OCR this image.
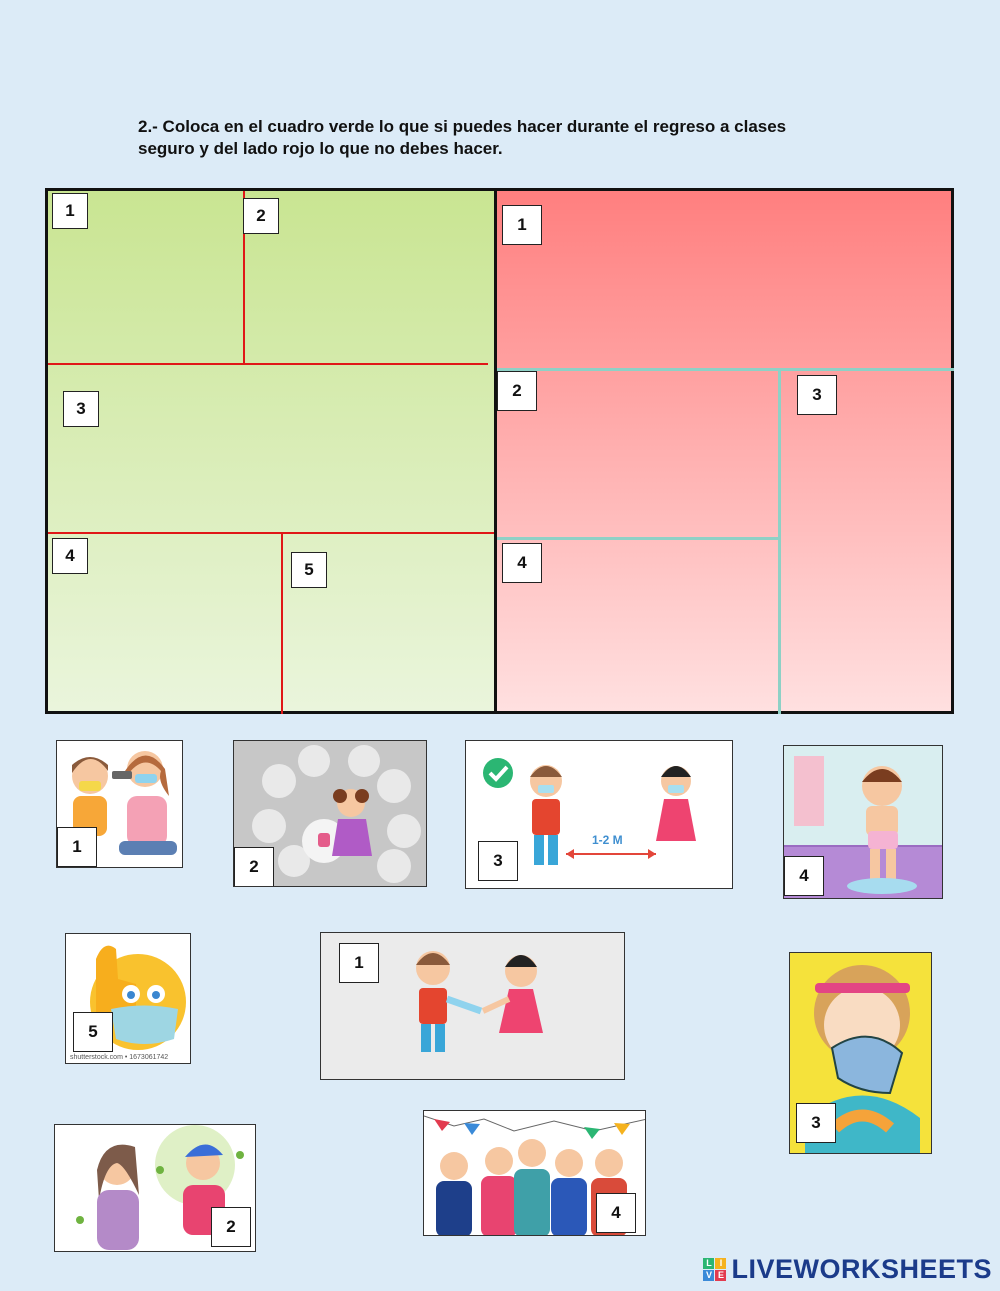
2.- Coloca en el cuadro verde lo que si puedes hacer durante el regreso a clases
seguro y del lado rojo lo que no debes hacer.
1	2
3
4
5
1
2	3
4
1
2
1-2 M
3
4
shutterstock.com • 1673061742
5
1
3
2
4
L I
V E LIVEWORKSHEETS
